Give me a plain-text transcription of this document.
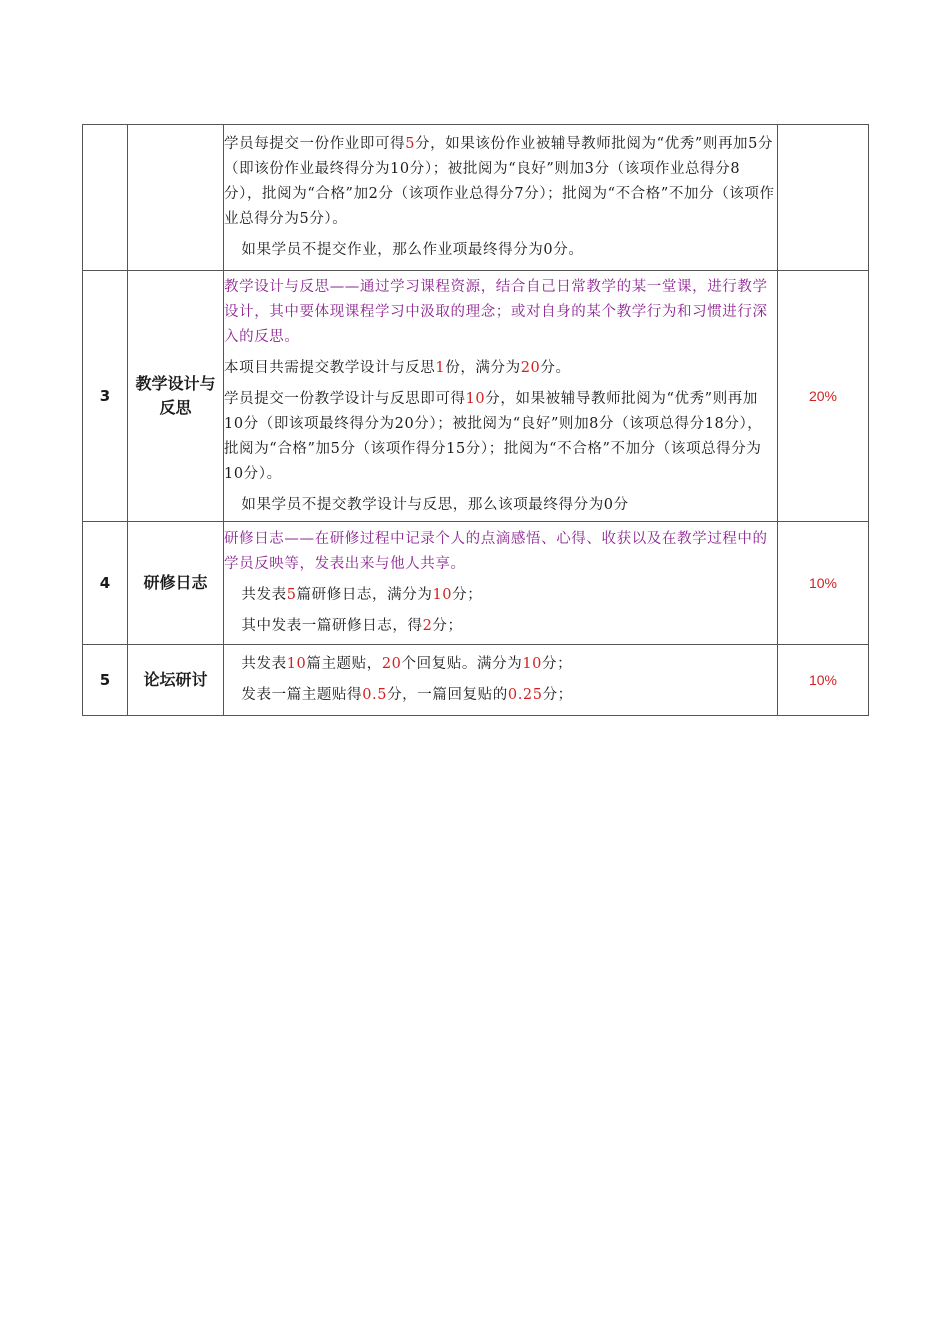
		学员每提交一份作业即可得5分，如果该份作业被辅导教师批阅为“优秀”则再加5分（即该份作业最终得分为10分）；被批阅为“良好”则加3分（该项作业总得分8分），批阅为“合格”加2分（该项作业总得分7分）；批阅为“不合格”不加分（该项作业总得分为5分）。

如果学员不提交作业，那么作业项最终得分为0分。	

3	教学设计与反思	教学设计与反思——通过学习课程资源，结合自己日常教学的某一堂课，进行教学设计，其中要体现课程学习中汲取的理念；或对自身的某个教学行为和习惯进行深入的反思。

本项目共需提交教学设计与反思1份，满分为20分。

学员提交一份教学设计与反思即可得10分，如果被辅导教师批阅为“优秀”则再加10分（即该项最终得分为20分）；被批阅为“良好”则加8分（该项总得分18分），批阅为“合格”加5分（该项作得分15分）；批阅为“不合格”不加分（该项总得分为10分）。

如果学员不提交教学设计与反思，那么该项最终得分为0分	20%
4	研修日志	研修日志——在研修过程中记录个人的点滴感悟、心得、收获以及在教学过程中的学员反映等，发表出来与他人共享。

共发表5篇研修日志，满分为10分；

其中发表一篇研修日志，得2分；	10%
5	论坛研讨	共发表10篇主题贴，20个回复贴。满分为10分；

发表一篇主题贴得0.5分，一篇回复贴的0.25分；	10%
